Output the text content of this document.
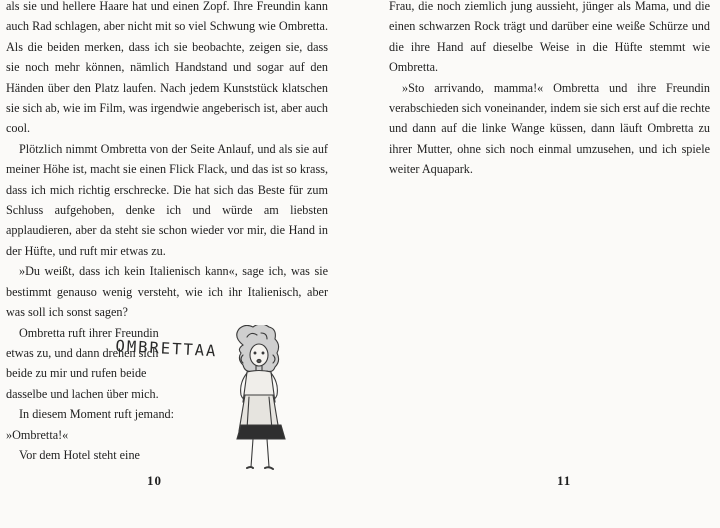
als sie und hellere Haare hat und einen Zopf. Ihre Freundin kann auch Rad schlagen, aber nicht mit so viel Schwung wie Ombretta. Als die beiden merken, dass ich sie beobachte, zeigen sie, dass sie noch mehr können, nämlich Handstand und sogar auf den Händen über den Platz laufen. Nach jedem Kunststück klatschen sie sich ab, wie im Film, was irgendwie angeberisch ist, aber auch cool.

Plötzlich nimmt Ombretta von der Seite Anlauf, und als sie auf meiner Höhe ist, macht sie einen Flick Flack, und das ist so krass, dass ich mich richtig erschrecke. Die hat sich das Beste für zum Schluss aufgehoben, denke ich und würde am liebsten applaudieren, aber da steht sie schon wieder vor mir, die Hand in der Hüfte, und ruft mir etwas zu.

»Du weißt, dass ich kein Italienisch kann«, sage ich, was sie bestimmt genauso wenig versteht, wie ich ihr Italienisch, aber was soll ich sonst sagen?

Ombretta ruft ihrer Freundin etwas zu, und dann drehen sich beide zu mir und rufen beide dasselbe und lachen über mich.

In diesem Moment ruft jemand: »Ombretta!«

Vor dem Hotel steht eine

OMBRETTAA
10

Frau, die noch ziemlich jung aussieht, jünger als Mama, und die einen schwarzen Rock trägt und darüber eine weiße Schürze und die ihre Hand auf dieselbe Weise in die Hüfte stemmt wie Ombretta.

»Sto arrivando, mamma!« Ombretta und ihre Freundin verabschieden sich voneinander, indem sie sich erst auf die rechte und dann auf die linke Wange küssen, dann läuft Ombretta zu ihrer Mutter, ohne sich noch einmal umzusehen, und ich spiele weiter Aquapark.

11
